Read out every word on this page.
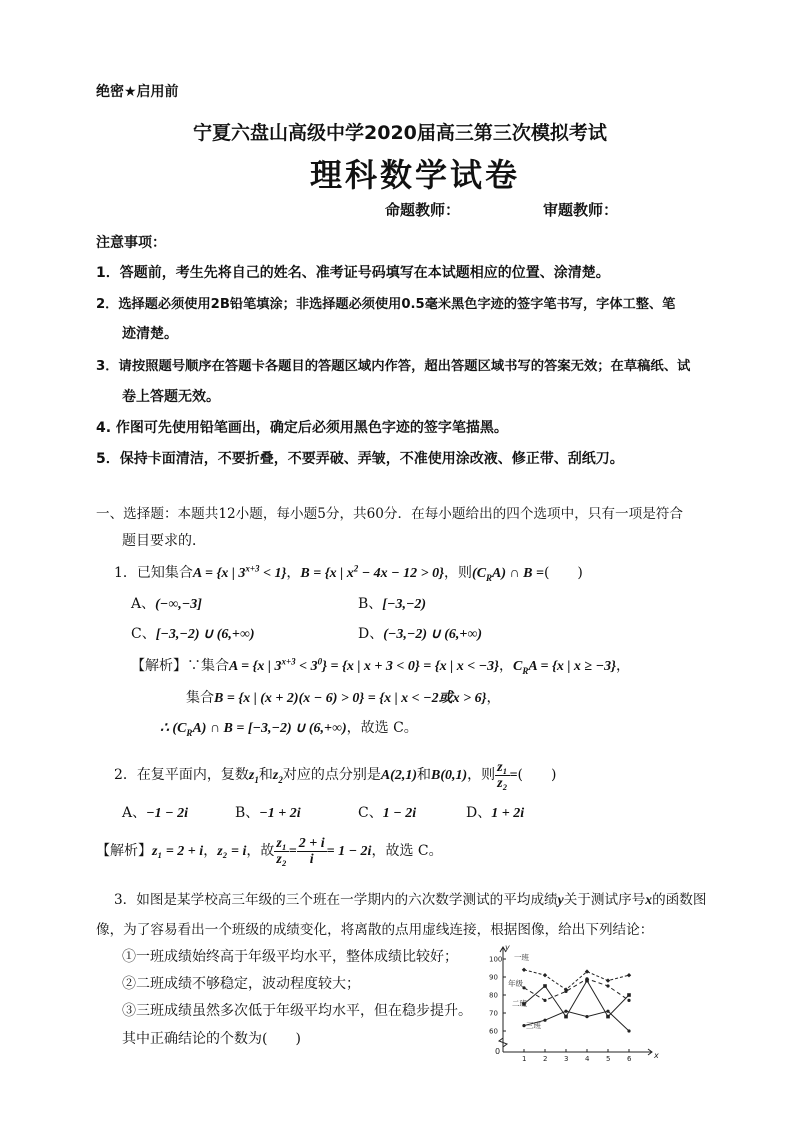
绝密★启用前
宁夏六盘山高级中学2020届高三第三次模拟考试
理科数学试卷
命题教师：	审题教师：
注意事项：
1．答题前，考生先将自己的姓名、准考证号码填写在本试题相应的位置、涂清楚。
2．选择题必须使用2B铅笔填涂；非选择题必须使用0.5毫米黑色字迹的签字笔书写，字体工整、笔
迹清楚。
3．请按照题号顺序在答题卡各题目的答题区域内作答，超出答题区域书写的答案无效；在草稿纸、试
卷上答题无效。
4. 作图可先使用铅笔画出，确定后必须用黑色字迹的签字笔描黑。
5．保持卡面清洁，不要折叠，不要弄破、弄皱，不准使用涂改液、修正带、刮纸刀。
一、选择题：本题共12小题，每小题5分，共60分．在每小题给出的四个选项中，只有一项是符合
题目要求的．
1．已知集合A = {x | $3^{x+3} < 1$}，B = {x | $x^2 - 4x - 12 > 0$}，则$(C_RA)$ ∩ B =(　　)
A、(−∞,−3]	B、[−3,−2)
C、[−3,−2) ∪ (6,+∞)	D、(−3,−2) ∪ (6,+∞)
【解析】∵集合A = {x | $3^{x+3} < 3^0\} = \{x$ | x + 3 < 0} = {x | x < −3}，$C_RA = \{x$ | x ≥ −3}，
集合B = {x | (x + 2)(x − 6) > 0} = {x | x < −2或x > 6}，
∴ $(C_RA)$ ∩ B = [−3,−2) ∪ (6,+∞)，故选 C。
2．在复平面内，复数$z_1$和$z_2$对应的点分别是A(2,1)和B(0,1)，则 $\frac{\text{z₁}}{\text{z₂}}$ =(　　)
A、−1 − 2i	B、−1 + 2i	C、1 − 2i	D、1 + 2i
【解析】z₁ = 2 + i，z₂ = i，故 $\frac{\text{z₁}}{\text{z₂}} = \frac{2 + i}{i} = 1 - 2i$，故选 C。
3．如图是某学校高三年级的三个班在一学期内的六次数学测试的平均成绩y关于测试序号x的函数图
像，为了容易看出一个班级的成绩变化，将离散的点用虚线连接，根据图像，给出下列结论：
①一班成绩始终高于年级平均水平，整体成绩比较好；
②二班成绩不够稳定，波动程度较大；
③三班成绩虽然多次低于年级平均水平，但在稳步提升。
其中正确结论的个数为(　　)
0
y
x
60
70
80
90
100
1 2 3 4 5 6
一班
年级
二班
三班
